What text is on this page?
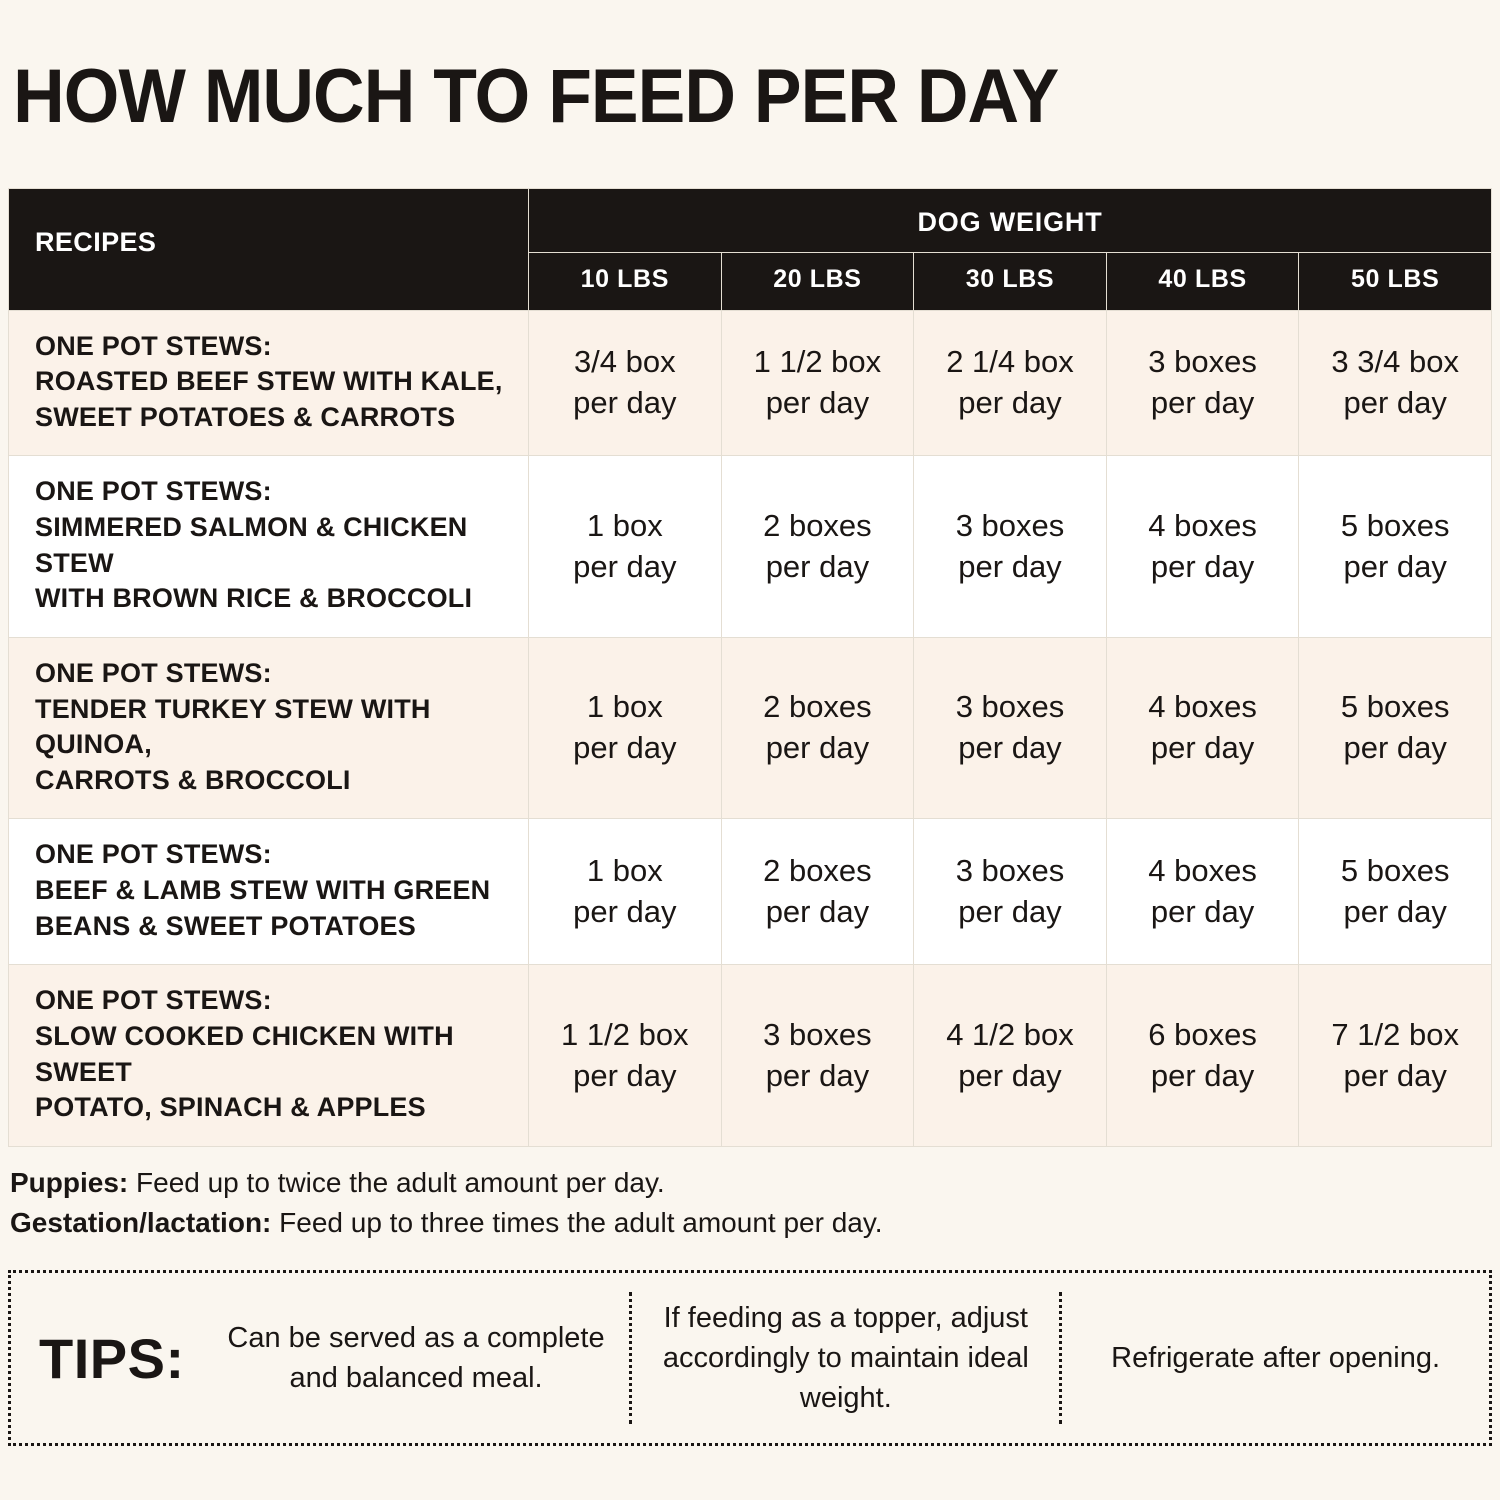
HOW MUCH TO FEED PER DAY
RECIPES	DOG WEIGHT				
	10 LBS	20 LBS	30 LBS	40 LBS	50 LBS

ONE POT STEWS:
ROASTED BEEF STEW WITH KALE,
SWEET POTATOES & CARROTS
	3/4 box
per day
	1 1/2 box
per day
	2 1/4 box
per day
	3 boxes
per day
	3 3/4 box
per day

ONE POT STEWS:
SIMMERED SALMON & CHICKEN STEW
WITH BROWN RICE & BROCCOLI
	1 box
per day
	2 boxes
per day
	3 boxes
per day
	4 boxes
per day
	5 boxes
per day

ONE POT STEWS:
TENDER TURKEY STEW WITH QUINOA,
CARROTS & BROCCOLI
	1 box
per day
	2 boxes
per day
	3 boxes
per day
	4 boxes
per day
	5 boxes
per day

ONE POT STEWS:
BEEF & LAMB STEW WITH GREEN
BEANS & SWEET POTATOES
	1 box
per day
	2 boxes
per day
	3 boxes
per day
	4 boxes
per day
	5 boxes
per day

ONE POT STEWS:
SLOW COOKED CHICKEN WITH SWEET
POTATO, SPINACH & APPLES
	1 1/2 box
per day
	3 boxes
per day
	4 1/2 box
per day
	6 boxes
per day
	7 1/2 box
per day
Puppies: Feed up to twice the adult amount per day.
Gestation/lactation: Feed up to three times the adult amount per day.
TIPS:	Can be served as a complete and balanced meal.
If feeding as a topper, adjust accordingly to maintain ideal weight.
Refrigerate after opening.
